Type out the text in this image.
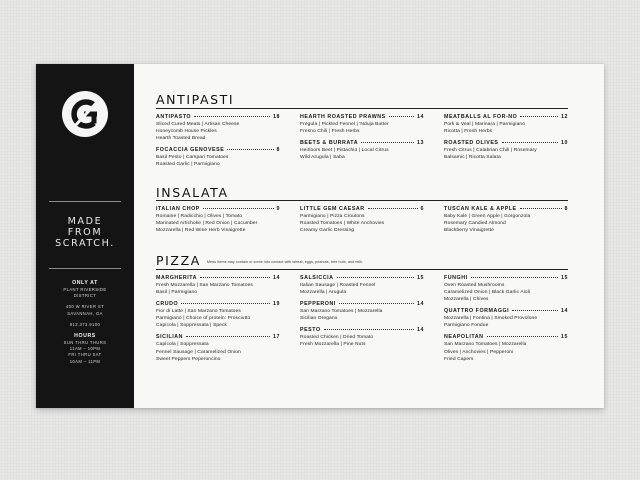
MADE
FROM
SCRATCH.
ONLY AT
PLANT RIVERSIDE
DISTRICT
400 W RIVER ST
SAVANNAH, GA
912.373.9100
HOURS
SUN THRU THURS
11AM – 10PM
FRI THRU SAT
10AM – 11PM
ANTIPASTI
ANTIPASTO	18
Sliced Cured Meats | Artisan Cheese
Honeycomb House Pickles
Hearth Toasted Bread
FOCACCIA GENOVESE	8
Basil Pesto | Campari Tomatoes
Roasted Garlic | Parmigiano
HEARTH ROASTED PRAWNS	14
Fregula | Pickled Fennel | 'Nduja Butter
Fresno Chili | Fresh Herbs
BEETS & BURRATA	13
Heirloom Beet | Pistachio | Local Citrus
Wild Arugula | Saba
MEATBALLS AL FOR-NO	12
Pork & Veal | Marinara | Parmigiano
Ricotta | Fresh Herbs
ROASTED OLIVES	10
Fresh Citrus | Calabrian Chili | Rosemary
Balsamic | Ricotta Salata
INSALATA
ITALIAN CHOP	9
Romaine | Radicchio | Olives | Tomato
Marinated Artichoke | Red Onion | Cucumber
Mozzarella | Red Wine Herb Vinaigrette
LITTLE GEM CAESAR	6
Parmigiano | Pizza Croutons
Roasted Tomatoes | White Anchovies
Creamy Garlic Dressing
TUSCAN KALE & APPLE	8
Baby Kale | Green Apple | Gorgonzola
Rosemary Candied Almond
Blackberry Vinaigrette
PIZZA Menu items may contain or come into contact with wheat, eggs, peanuts, tree nuts, and milk.
MARGHERITA	14
Fresh Mozzarella | San Marzano Tomatoes
Basil | Parmigiano
CRUDO	19
Fior di Latte | San Marzano Tomatoes
Parmigiano | Choice of protein: Prosciutto
Capicola | Soppressata | Speck
SICILIAN	17
Capicola | Soppressata
Fennel Sausage | Caramelized Onion
Sweet Peppers Peperoncino
SALSICCIA	15
Italian Sausage | Roasted Fennel
Mozzarella | Arugula
PEPPERONI	14
San Marzano Tomatoes | Mozzarella
Sicilian Oregano
PESTO	14
Roasted Chicken | Dried Tomato
Fresh Mozzarella | Pine Nuts
FUNGHI	15
Oven Roasted Mushrooms
Caramelized Onion | Black Garlic Aioli
Mozzarella | Chives
QUATTRO FORMAGGI	14
Mozzarella | Fontina | Smoked Provolone
Parmigiano Fondue
NEAPOLITAN	15
San Marzano Tomatoes | Mozzarella
Olives | Anchovies | Pepperoni
Fried Capers
